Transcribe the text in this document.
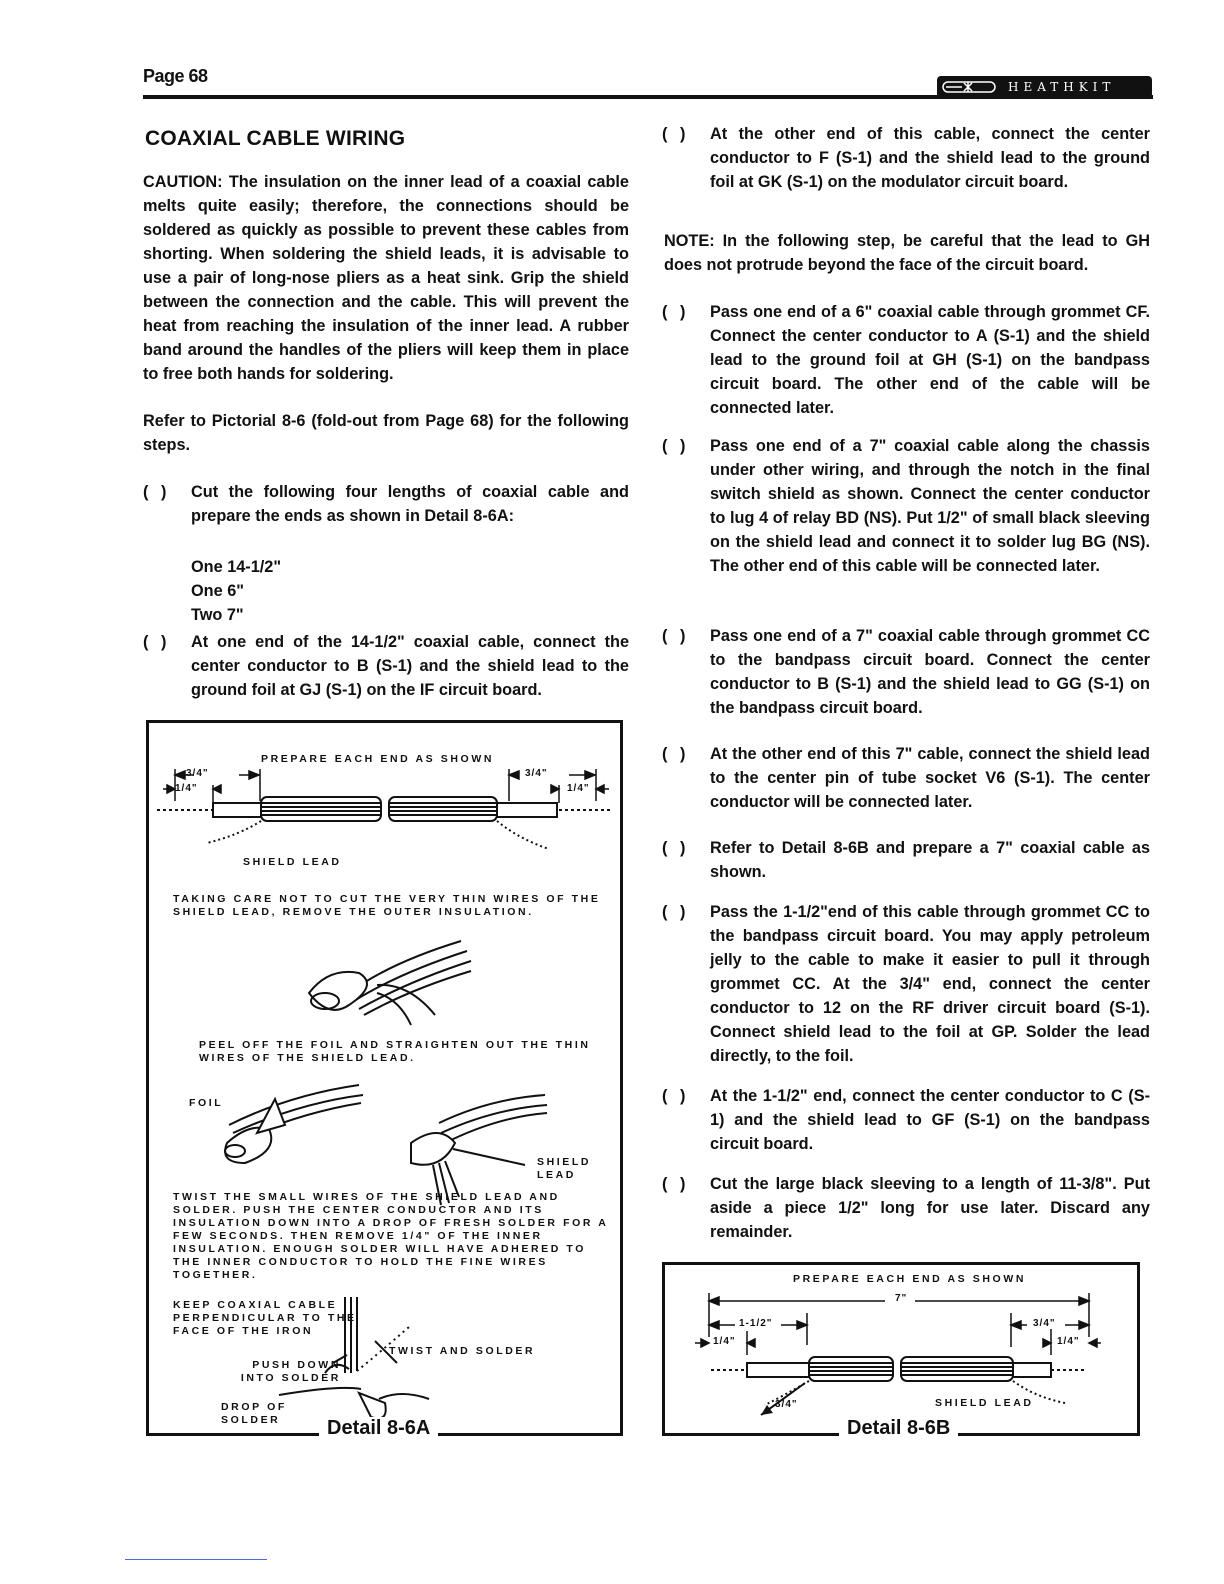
Page 68
HEATHKIT
COAXIAL CABLE WIRING
CAUTION: The insulation on the inner lead of a coaxial cable melts quite easily; therefore, the connections should be soldered as quickly as possible to prevent these cables from shorting. When soldering the shield leads, it is advisable to use a pair of long-nose pliers as a heat sink. Grip the shield between the connection and the cable. This will prevent the heat from reaching the insulation of the inner lead. A rubber band around the handles of the pliers will keep them in place to free both hands for soldering.
Refer to Pictorial 8-6 (fold-out from Page 68) for the following steps.
( )	Cut the following four lengths of coaxial cable and prepare the ends as shown in Detail 8-6A:
One 14-1/2"
One 6"
Two 7"
( )	At one end of the 14-1/2" coaxial cable, connect the center conductor to B (S-1) and the shield lead to the ground foil at GJ (S-1) on the IF circuit board.
PREPARE EACH END AS SHOWN
3/4"
1/4"
3/4"
1/4"
SHIELD LEAD
TAKING CARE NOT TO CUT THE VERY THIN WIRES OF THE SHIELD LEAD, REMOVE THE OUTER INSULATION.
PEEL OFF THE FOIL AND STRAIGHTEN OUT THE THIN WIRES OF THE SHIELD LEAD.
FOIL
SHIELD LEAD
TWIST THE SMALL WIRES OF THE SHIELD LEAD AND SOLDER. PUSH THE CENTER CONDUCTOR AND ITS INSULATION DOWN INTO A DROP OF FRESH SOLDER FOR A FEW SECONDS. THEN REMOVE 1/4" OF THE INNER INSULATION. ENOUGH SOLDER WILL HAVE ADHERED TO THE INNER CONDUCTOR TO HOLD THE FINE WIRES TOGETHER.
KEEP COAXIAL CABLE PERPENDICULAR TO THE FACE OF THE IRON
TWIST AND SOLDER
PUSH DOWN INTO SOLDER
DROP OF SOLDER	Detail 8-6A
( )	At the other end of this cable, connect the center conductor to F (S-1) and the shield lead to the ground foil at GK (S-1) on the modulator circuit board.
NOTE: In the following step, be careful that the lead to GH does not protrude beyond the face of the circuit board.
( )	Pass one end of a 6" coaxial cable through grommet CF. Connect the center conductor to A (S-1) and the shield lead to the ground foil at GH (S-1) on the bandpass circuit board. The other end of the cable will be connected later.
( )	Pass one end of a 7" coaxial cable along the chassis under other wiring, and through the notch in the final switch shield as shown. Connect the center conductor to lug 4 of relay BD (NS). Put 1/2" of small black sleeving on the shield lead and connect it to solder lug BG (NS). The other end of this cable will be connected later.
( )	Pass one end of a 7" coaxial cable through grommet CC to the bandpass circuit board. Connect the center conductor to B (S-1) and the shield lead to GG (S-1) on the bandpass circuit board.
( )	At the other end of this 7" cable, connect the shield lead to the center pin of tube socket V6 (S-1). The center conductor will be connected later.
( )	Refer to Detail 8-6B and prepare a 7" coaxial cable as shown.
( )	Pass the 1-1/2"end of this cable through grommet CC to the bandpass circuit board. You may apply petroleum jelly to the cable to make it easier to pull it through grommet CC. At the 3/4" end, connect the center conductor to 12 on the RF driver circuit board (S-1). Connect shield lead to the foil at GP. Solder the lead directly, to the foil.
( )	At the 1-1/2" end, connect the center conductor to C (S-1) and the shield lead to GF (S-1) on the bandpass circuit board.
( )	Cut the large black sleeving to a length of 11-3/8". Put aside a piece 1/2" long for use later. Discard any remainder.
PREPARE EACH END AS SHOWN
7"
1-1/2"
1/4"
3/4"
1/4"
3/4"	SHIELD LEAD
Detail 8-6B
